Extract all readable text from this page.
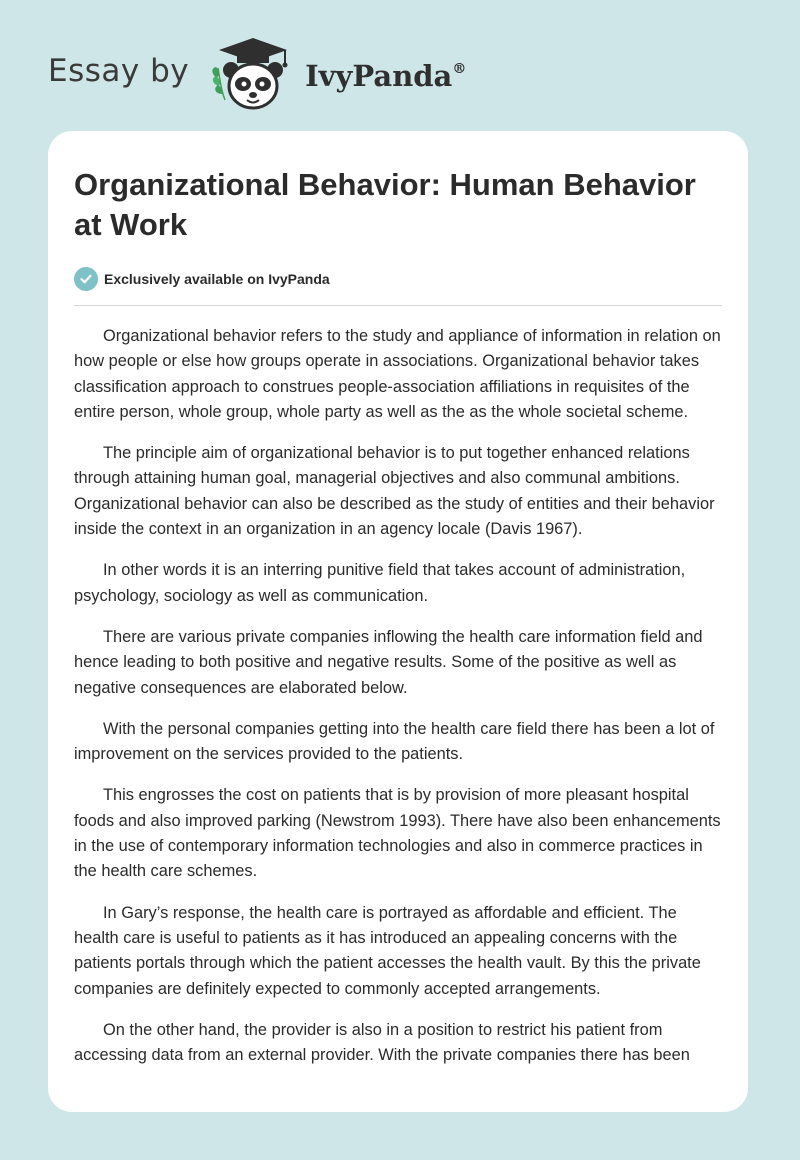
Essay by	IvyPanda®
Organizational Behavior: Human Behavior at Work
Exclusively available on IvyPanda

Organizational behavior refers to the study and appliance of information in relation on how people or else how groups operate in associations. Organizational behavior takes classification approach to construes people-association affiliations in requisites of the entire person, whole group, whole party as well as the as the whole societal scheme.

The principle aim of organizational behavior is to put together enhanced relations through attaining human goal, managerial objectives and also communal ambitions. Organizational behavior can also be described as the study of entities and their behavior inside the context in an organization in an agency locale (Davis 1967).

In other words it is an interring punitive field that takes account of administration, psychology, sociology as well as communication.

There are various private companies inflowing the health care information field and hence leading to both positive and negative results. Some of the positive as well as negative consequences are elaborated below.

With the personal companies getting into the health care field there has been a lot of improvement on the services provided to the patients.

This engrosses the cost on patients that is by provision of more pleasant hospital foods and also improved parking (Newstrom 1993). There have also been enhancements in the use of contemporary information technologies and also in commerce practices in the health care schemes.

In Gary’s response, the health care is portrayed as affordable and efficient. The health care is useful to patients as it has introduced an appealing concerns with the patients portals through which the patient accesses the health vault. By this the private companies are definitely expected to commonly accepted arrangements.

On the other hand, the provider is also in a position to restrict his patient from accessing data from an external provider. With the private companies there has been
